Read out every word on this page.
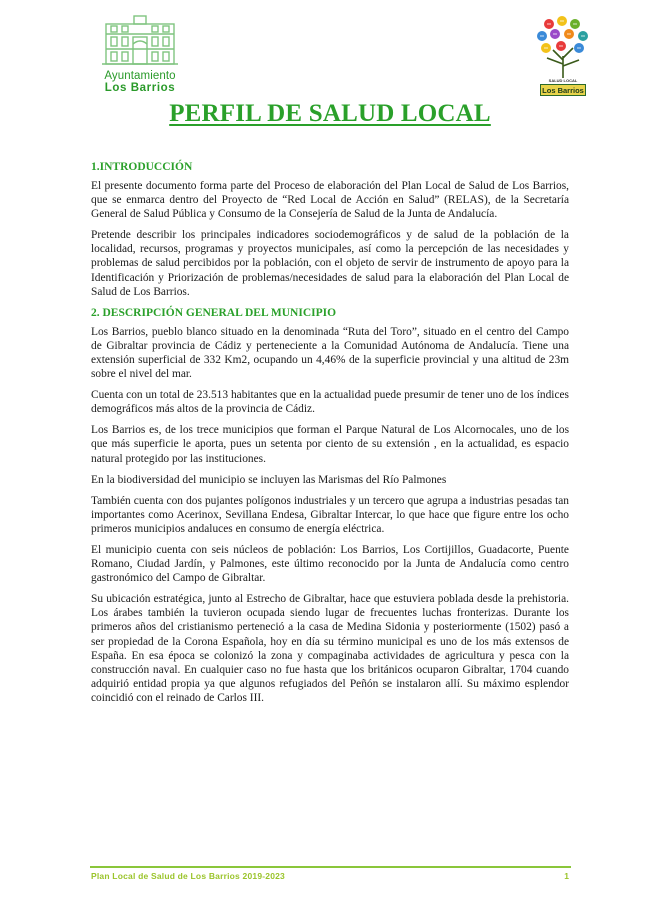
Ayuntamiento
Los Barrios
SALUD LOCAL
Los Barrios
PERFIL DE SALUD LOCAL
1.INTRODUCCIÓN

El presente documento forma parte del Proceso de elaboración del Plan Local de Salud de Los Barrios, que se enmarca dentro del Proyecto de “Red Local de Acción en Salud” (RELAS), de la Secretaría General de Salud Pública y Consumo de la Consejería de Salud de la Junta de Andalucía.

Pretende describir los principales indicadores sociodemográficos y de salud de la población de la localidad, recursos, programas y proyectos municipales, así como la percepción de las necesidades y problemas de salud percibidos por la población, con el objeto de servir de instrumento de apoyo para la Identificación y Priorización de problemas/necesidades de salud para la elaboración del Plan Local de Salud de Los Barrios.

2. DESCRIPCIÓN GENERAL DEL MUNICIPIO

Los Barrios, pueblo blanco situado en la denominada “Ruta del Toro”, situado en el centro del Campo de Gibraltar provincia de Cádiz y perteneciente a la Comunidad Autónoma de Andalucía. Tiene una extensión superficial de 332 Km2, ocupando un 4,46% de la superficie provincial y una altitud de 23m sobre el nivel del mar.

Cuenta con un total de 23.513 habitantes que en la actualidad puede presumir de tener uno de los índices demográficos más altos de la provincia de Cádiz.

Los Barrios es, de los trece municipios que forman el Parque Natural de Los Alcornocales, uno de los que más superficie le aporta, pues un setenta por ciento de su extensión , en la actualidad, es espacio natural protegido por las instituciones.

En la biodiversidad del municipio se incluyen las Marismas del Río Palmones

También cuenta con dos pujantes polígonos industriales y un tercero que agrupa a industrias pesadas tan importantes como Acerinox, Sevillana Endesa, Gibraltar Intercar, lo que hace que figure entre los ocho primeros municipios andaluces en consumo de energía eléctrica.

El municipio cuenta con seis núcleos de población: Los Barrios, Los Cortijillos, Guadacorte, Puente Romano, Ciudad Jardín, y Palmones, este último reconocido por la Junta de Andalucía como centro gastronómico del Campo de Gibraltar.

Su ubicación estratégica, junto al Estrecho de Gibraltar, hace que estuviera poblada desde la prehistoria. Los árabes también la tuvieron ocupada siendo lugar de frecuentes luchas fronterizas. Durante los primeros años del cristianismo perteneció a la casa de Medina Sidonia y posteriormente (1502) pasó a ser propiedad de la Corona Española, hoy en día su término municipal es uno de los más extensos de España. En esa época se colonizó la zona y compaginaba actividades de agricultura y pesca con la construcción naval. En cualquier caso no fue hasta que los británicos ocuparon Gibraltar, 1704 cuando adquirió entidad propia ya que algunos refugiados del Peñón se instalaron allí. Su máximo esplendor coincidió con el reinado de Carlos III.

Plan Local de Salud de Los Barrios 2019-2023	1
